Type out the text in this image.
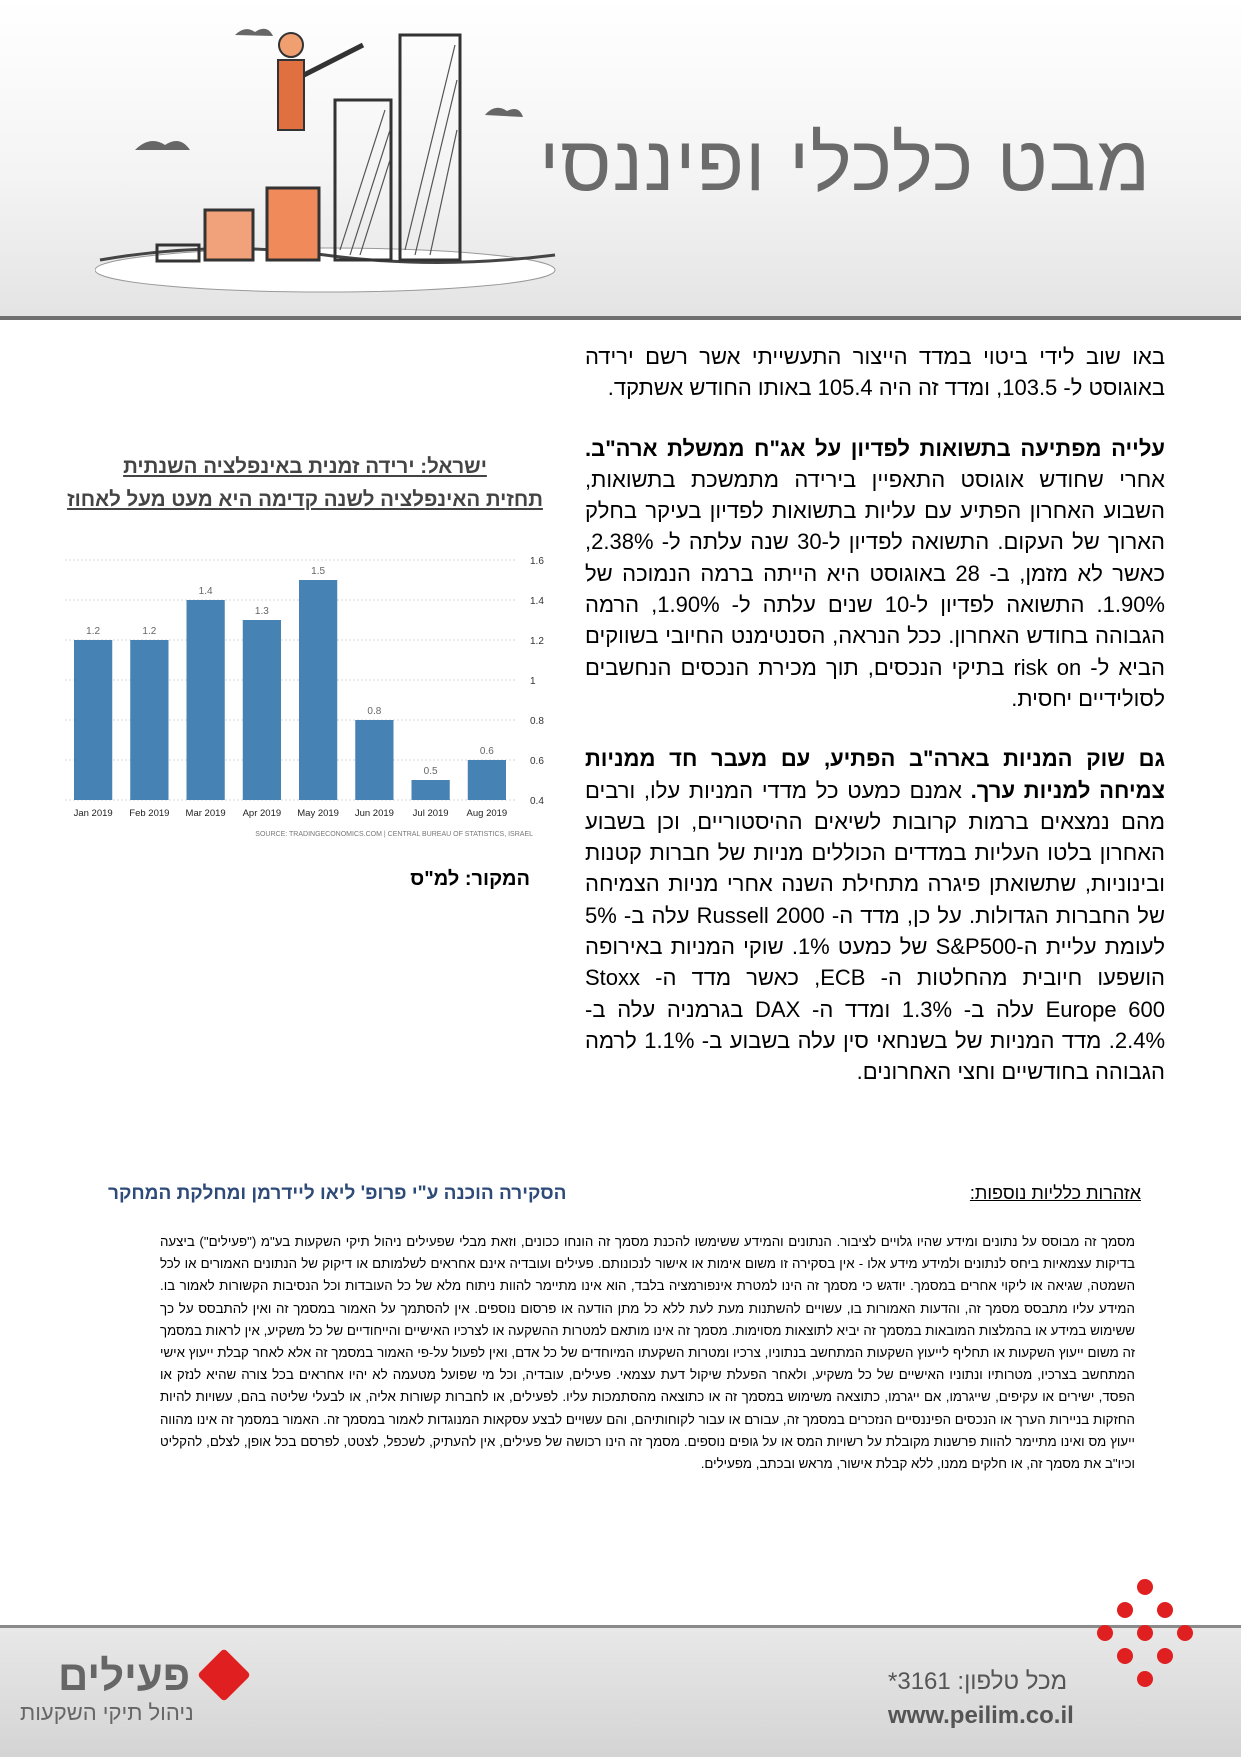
מבט כלכלי ופיננסי

באו שוב לידי ביטוי במדד הייצור התעשייתי אשר רשם ירידה באוגוסט ל- 103.5, ומדד זה היה 105.4 באותו החודש אשתקד.

עלייה מפתיעה בתשואות לפדיון על אג"ח ממשלת ארה"ב. אחרי שחודש אוגוסט התאפיין בירידה מתמשכת בתשואות, השבוע האחרון הפתיע עם עליות בתשואות לפדיון בעיקר בחלק הארוך של העקום. התשואה לפדיון ל-30 שנה עלתה ל- 2.38%, כאשר לא מזמן, ב- 28 באוגוסט היא הייתה ברמה הנמוכה של 1.90%. התשואה לפדיון ל-10 שנים עלתה ל- 1.90%, הרמה הגבוהה בחודש האחרון. ככל הנראה, הסנטימנט החיובי בשווקים הביא ל- risk on בתיקי הנכסים, תוך מכירת הנכסים הנחשבים לסולידיים יחסית.

גם שוק המניות בארה"ב הפתיע, עם מעבר חד ממניות צמיחה למניות ערך. אמנם כמעט כל מדדי המניות עלו, ורבים מהם נמצאים ברמות קרובות לשיאים ההיסטוריים, וכן בשבוע האחרון בלטו העליות במדדים הכוללים מניות של חברות קטנות ובינוניות, שתשואתן פיגרה מתחילת השנה אחרי מניות הצמיחה של החברות הגדולות. על כן, מדד ה- Russell 2000 עלה ב- 5% לעומת עליית ה-S&P500 של כמעט 1%. שוקי המניות באירופה הושפעו חיובית מהחלטות ה- ECB, כאשר מדד ה- Stoxx Europe 600 עלה ב- 1.3% ומדד ה- DAX בגרמניה עלה ב- 2.4%. מדד המניות של בשנחאי סין עלה בשבוע ב- 1.1% לרמה הגבוהה בחודשיים וחצי האחרונים.

ישראל: ירידה זמנית באינפלציה השנתית
תחזית האינפלציה לשנה קדימה היא מעט מעל לאחוז
0.4
0.6
0.8
1
1.2
1.4
1.6
1.2
Jan 2019
1.2
Feb 2019
1.4
Mar 2019
1.3
Apr 2019
1.5
May 2019
0.8
Jun 2019
0.5
Jul 2019
0.6
Aug 2019
SOURCE: TRADINGECONOMICS.COM | CENTRAL BUREAU OF STATISTICS, ISRAEL
המקור: למ"ס
אזהרות כלליות נוספות:
הסקירה הוכנה ע"י פרופ' ליאו ליידרמן ומחלקת המחקר
מסמך זה מבוסס על נתונים ומידע שהיו גלויים לציבור. הנתונים והמידע ששימשו להכנת מסמך זה הונחו ככונים, וזאת מבלי שפעילים ניהול תיקי השקעות בע"מ ("פעילים") ביצעה בדיקות עצמאיות ביחס לנתונים ולמידע מידע אלו - אין בסקירה זו משום אימות או אישור לנכונותם. פעילים ועובדיה אינם אחראים לשלמותם או דיקוק של הנתונים האמורים או לכל השמטה, שגיאה או ליקוי אחרים במסמך. יודגש כי מסמך זה הינו למטרת אינפורמציה בלבד, הוא אינו מתיימר להוות ניתוח מלא של כל העובדות וכל הנסיבות הקשורות לאמור בו. המידע עליו מתבסס מסמך זה, והדעות האמורות בו, עשויים להשתנות מעת לעת ללא כל מתן הודעה או פרסום נוספים. אין להסתמך על האמור במסמך זה ואין להתבסס על כך ששימוש במידע או בהמלצות המובאות במסמך זה יביא לתוצאות מסוימות. מסמך זה אינו מותאם למטרות ההשקעה או לצרכיו האישיים והייחודיים של כל משקיע, אין לראות במסמך זה משום ייעוץ השקעות או תחליף לייעוץ השקעות המתחשב בנתוניו, צרכיו ומטרות השקעתו המיוחדים של כל אדם, ואין לפעול על-פי האמור במסמך זה אלא לאחר קבלת ייעוץ אישי המתחשב בצרכיו, מטרותיו ונתוניו האישיים של כל משקיע, ולאחר הפעלת שיקול דעת עצמאי. פעילים, עובדיה, וכל מי שפועל מטעמה לא יהיו אחראים בכל צורה שהיא לנזק או הפסד, ישירים או עקיפים, שייגרמו, אם ייגרמו, כתוצאה משימוש במסמך זה או כתוצאה מהסתמכות עליו. לפעילים, או לחברות קשורות אליה, או לבעלי שליטה בהם, עשויות להיות החזקות בניירות הערך או הנכסים הפיננסיים הנזכרים במסמך זה, עבורם או עבור לקוחותיהם, והם עשויים לבצע עסקאות המנוגדות לאמור במסמך זה. האמור במסמך זה אינו מהווה ייעוץ מס ואינו מתיימר להוות פרשנות מקובלת על רשויות המס או על גופים נוספים. מסמך זה הינו רכושה של פעילים, אין להעתיק, לשכפל, לצטט, לפרסם בכל אופן, לצלם, להקליט וכיו"ב את מסמך זה, או חלקים ממנו, ללא קבלת אישור, מראש ובכתב, מפעילים.
מכל טלפון: 3161*
www.peilim.co.il
פעילים
ניהול תיקי השקעות
